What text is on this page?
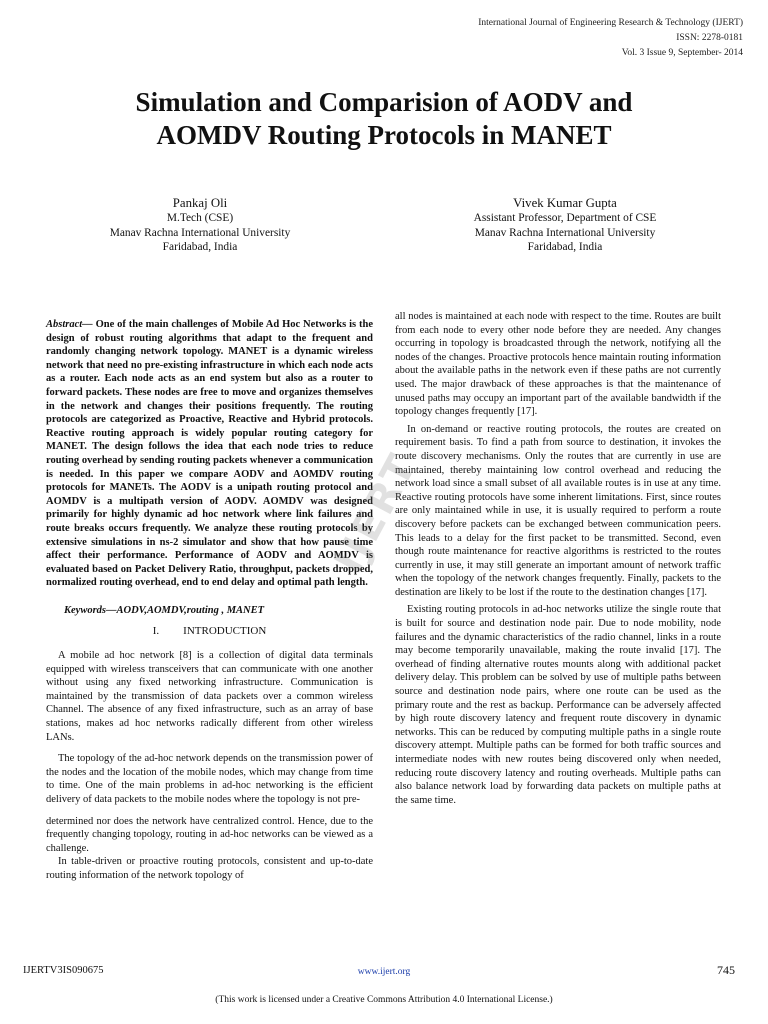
International Journal of Engineering Research & Technology (IJERT)
ISSN: 2278-0181
Vol. 3 Issue 9, September- 2014
Simulation and Comparision of AODV and
AOMDV Routing Protocols in MANET
Pankaj Oli
M.Tech (CSE)
Manav Rachna International University
Faridabad, India
Vivek Kumar Gupta
Assistant Professor, Department of CSE
Manav Rachna International University
Faridabad, India

Abstract— One of the main challenges of Mobile Ad Hoc Networks is the design of robust routing algorithms that adapt to the frequent and randomly changing network topology. MANET is a dynamic wireless network that need no pre-existing infrastructure in which each node acts as a router. Each node acts as an end system but also as a router to forward packets. These nodes are free to move and organizes themselves in the network and changes their positions frequently. The routing protocols are categorized as Proactive, Reactive and Hybrid protocols. Reactive routing approach is widely popular routing category for MANET. The design follows the idea that each node tries to reduce routing overhead by sending routing packets whenever a communication is needed. In this paper we compare AODV and AOMDV routing protocols for MANETs. The AODV is a unipath routing protocol and AOMDV is a multipath version of AODV. AOMDV was designed primarily for highly dynamic ad hoc network where link failures and route breaks occurs frequently. We analyze these routing protocols by extensive simulations in ns-2 simulator and show that how pause time affect their performance. Performance of AODV and AOMDV is evaluated based on Packet Delivery Ratio, throughput, packets dropped, normalized routing overhead, end to end delay and optimal path length.

Keywords—AODV,AOMDV,routing , MANET

I. INTRODUCTION

A mobile ad hoc network [8] is a collection of digital data terminals equipped with wireless transceivers that can communicate with one another without using any fixed networking infrastructure. Communication is maintained by the transmission of data packets over a common wireless Channel. The absence of any fixed infrastructure, such as an array of base stations, makes ad hoc networks radically different from other wireless LANs.

The topology of the ad-hoc network depends on the transmission power of the nodes and the location of the mobile nodes, which may change from time to time. One of the main problems in ad-hoc networking is the efficient delivery of data packets to the mobile nodes where the topology is not pre-

determined nor does the network have centralized control. Hence, due to the frequently changing topology, routing in ad-hoc networks can be viewed as a challenge.

In table-driven or proactive routing protocols, consistent and up-to-date routing information of the network topology of

all nodes is maintained at each node with respect to the time. Routes are built from each node to every other node before they are needed. Any changes occurring in topology is broadcasted through the network, notifying all the nodes of the changes. Proactive protocols hence maintain routing information about the available paths in the network even if these paths are not currently used. The major drawback of these approaches is that the maintenance of unused paths may occupy an important part of the available bandwidth if the topology changes frequently [17].

In on-demand or reactive routing protocols, the routes are created on requirement basis. To find a path from source to destination, it invokes the route discovery mechanisms. Only the routes that are currently in use are maintained, thereby maintaining low control overhead and reducing the network load since a small subset of all available routes is in use at any time. Reactive routing protocols have some inherent limitations. First, since routes are only maintained while in use, it is usually required to perform a route discovery before packets can be exchanged between communication peers. This leads to a delay for the first packet to be transmitted. Second, even though route maintenance for reactive algorithms is restricted to the routes currently in use, it may still generate an important amount of network traffic when the topology of the network changes frequently. Finally, packets to the destination are likely to be lost if the route to the destination changes [17].

Existing routing protocols in ad-hoc networks utilize the single route that is built for source and destination node pair. Due to node mobility, node failures and the dynamic characteristics of the radio channel, links in a route may become temporarily unavailable, making the route invalid [17]. The overhead of finding alternative routes mounts along with additional packet delivery delay. This problem can be solved by use of multiple paths between source and destination node pairs, where one route can be used as the primary route and the rest as backup. Performance can be adversely affected by high route discovery latency and frequent route discovery in dynamic networks. This can be reduced by computing multiple paths in a single route discovery attempt. Multiple paths can be formed for both traffic sources and intermediate nodes with new routes being discovered only when needed, reducing route discovery latency and routing overheads. Multiple paths can also balance network load by forwarding data packets on multiple paths at the same time.

IJERT
IJERTV3IS090675	www.ijert.org	745
(This work is licensed under a Creative Commons Attribution 4.0 International License.)
